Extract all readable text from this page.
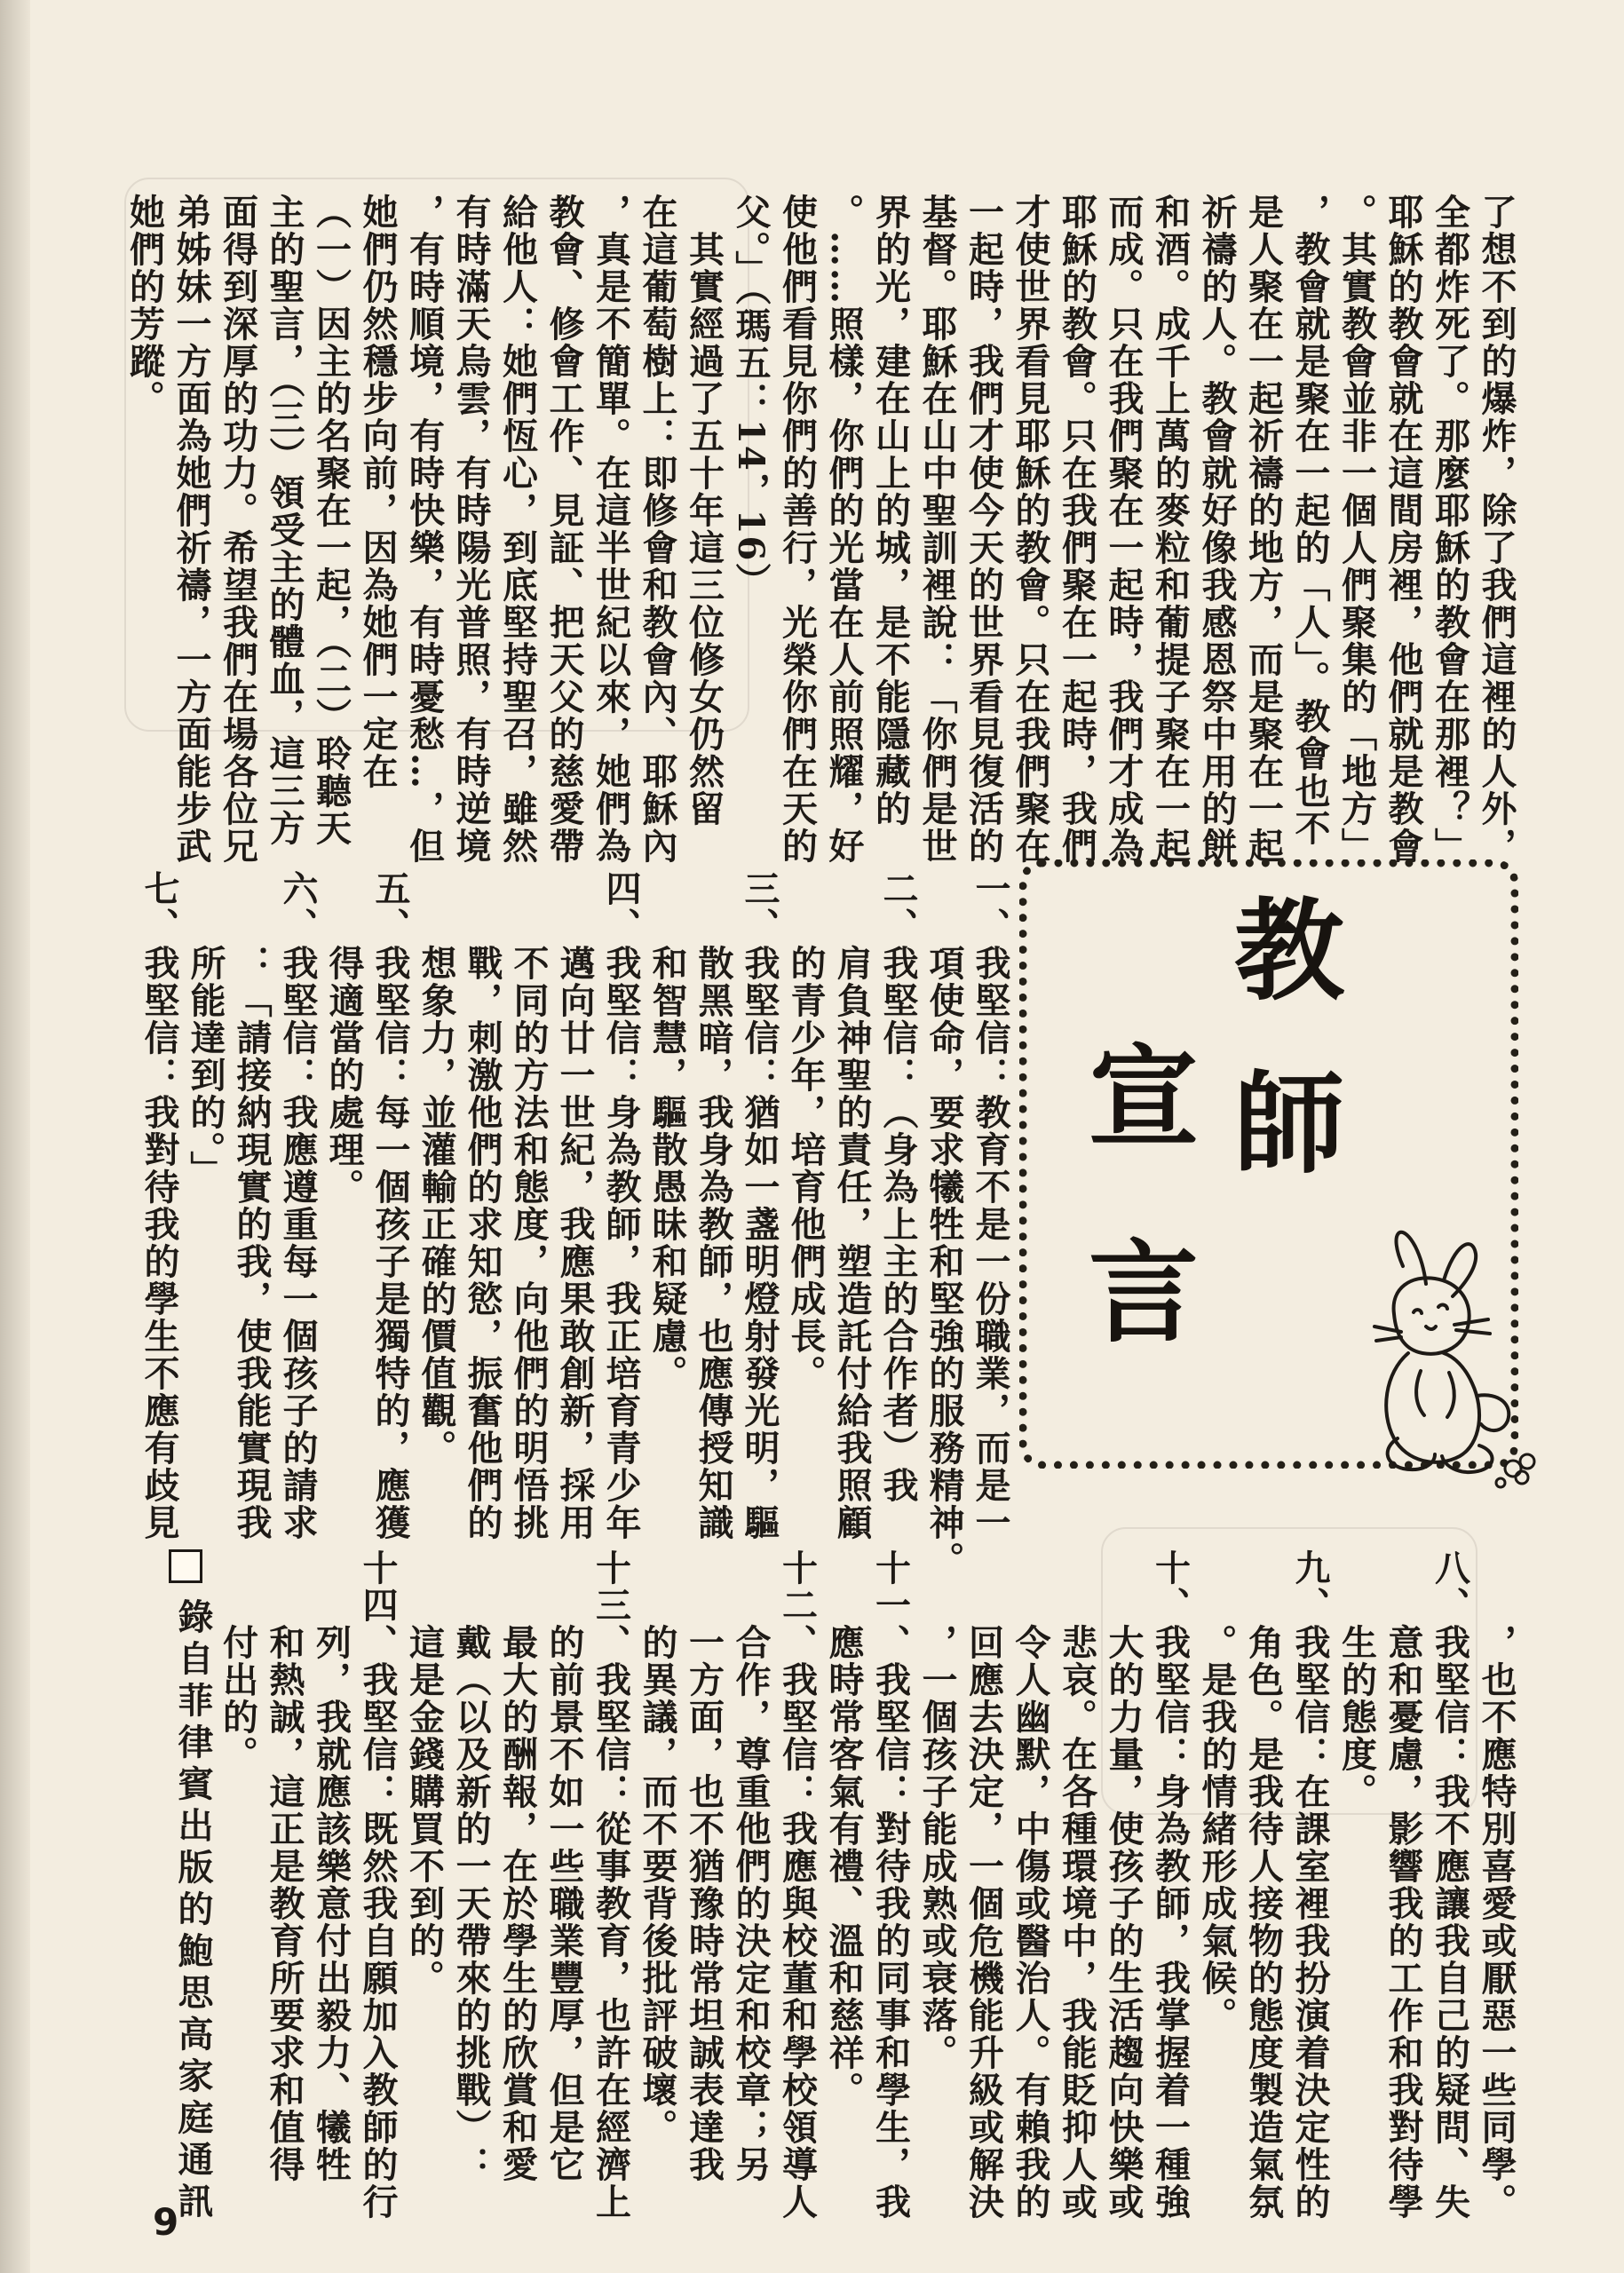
了想不到的爆炸，除了我們這裡的人外，
全都炸死了。那麼耶穌的教會在那裡？」
耶穌的教會就在這間房裡，他們就是教會
。其實教會並非一個人們聚集的「地方」
，教會就是聚在一起的「人」。教會也不
是人聚在一起祈禱的地方，而是聚在一起
祈禱的人。教會就好像我感恩祭中用的餅
和酒。成千上萬的麥粒和葡提子聚在一起
而成。只在我們聚在一起時，我們才成為
耶穌的教會。只在我們聚在一起時，我們
才使世界看見耶穌的教會。只在我們聚在
一起時，我們才使今天的世界看見復活的
基督。耶穌在山中聖訓裡說：「你們是世
界的光，建在山上的城，是不能隱藏的
。……照樣，你們的光當在人前照耀，好
使他們看見你們的善行，光榮你們在天的
父。」（瑪五：14，16）
　其實經過了五十年這三位修女仍然留
在這葡萄樹上：即修會和教會內、耶穌內
，真是不簡單。在這半世紀以來，她們為
教會、修會工作、見証、把天父的慈愛帶
給他人：她們恆心，到底堅持聖召，雖然
有時滿天烏雲，有時陽光普照，有時逆境
，有時順境，有時快樂，有時憂愁…，但
她們仍然穩步向前，因為她們一定在
（一）因主的名聚在一起，（二）聆聽天
主的聖言，（三）領受主的體血，這三方
面得到深厚的功力。希望我們在場各位兄
弟姊妹一方面為她們祈禱，一方面能步武
她們的芳蹤。
一、我堅信：教育不是一份職業，而是一
　　項使命，要求犧牲和堅強的服務精神。
二、我堅信：（身為上主的合作者）我
　　肩負神聖的責任，塑造託付給我照顧
　　的青少年，培育他們成長。
三、我堅信：猶如一盞明燈射發光明，驅
　　散黑暗，我身為教師，也應傳授知識
　　和智慧，驅散愚昧和疑慮。
四、我堅信：身為教師，我正培育青少年
　　邁向廿一世紀，我應果敢創新，採用
　　不同的方法和態度，向他們的明悟挑
　　戰，刺激他們的求知慾，振奮他們的
　　想象力，並灌輸正確的價值觀。
五、我堅信：每一個孩子是獨特的，應獲
　　得適當的處理。
六、我堅信：我應遵重每一個孩子的請求
　　：「請接納現實的我，使我能實現我
　　所能達到的。」
七、我堅信：我對待我的學生不應有歧見
　　，也不應特別喜愛或厭惡一些同學。
八、我堅信：我不應讓我自己的疑問、失
　　意和憂慮，影響我的工作和我對待學
　　生的態度。
九、我堅信：在課室裡我扮演着決定性的
　　角色。是我待人接物的態度製造氣氛
　　。是我的情緒形成氣候。
十、我堅信：身為教師，我掌握着一種強
　　大的力量，使孩子的生活趨向快樂或
　　悲哀。在各種環境中，我能貶抑人或
　　令人幽默，中傷或醫治人。有賴我的
　　回應去決定，一個危機能升級或解決
　　，一個孩子能成熟或衰落。
十一、我堅信：對待我的同事和學生，我
　　應時常客氣有禮、溫和慈祥。
十二、我堅信：我應與校董和學校領導人
　　合作，尊重他們的決定和校章；另
　　一方面，也不猶豫時常坦誠表達我
　　的異議，而不要背後批評破壞。
十三、我堅信：從事教育，也許在經濟上
　　的前景不如一些職業豐厚，但是它
　　最大的酬報，在於學生的欣賞和愛
　　戴（以及新的一天帶來的挑戰）：
　　這是金錢購買不到的。
十四、我堅信：既然我自願加入教師的行
　　列，我就應該樂意付出毅力、犧牲
　　和熱誠，這正是教育所要求和值得
　　付出的。
教
師
宣
言
錄自菲律賓出版的鮑思高家庭通訊
9
